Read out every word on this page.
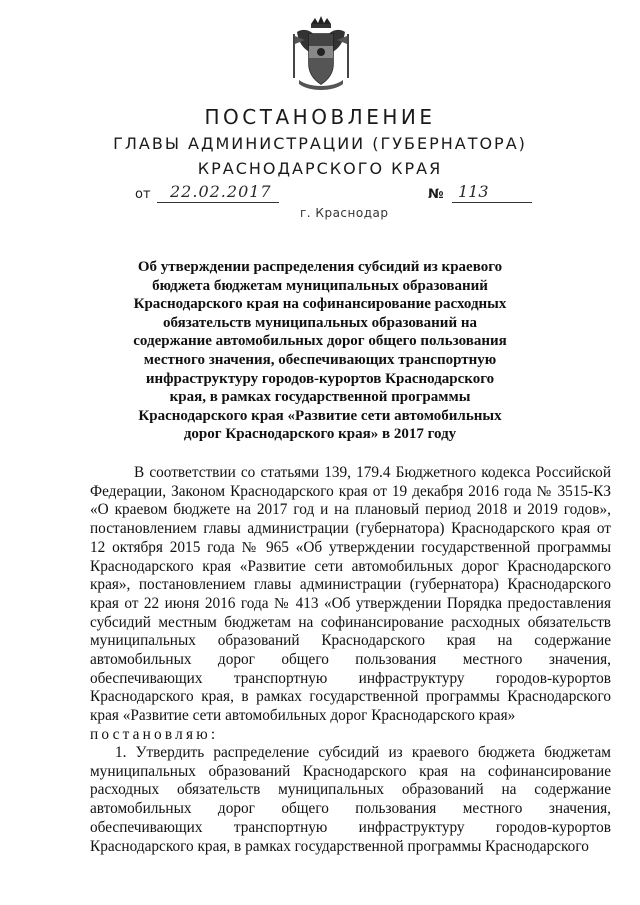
ПОСТАНОВЛЕНИЕ
ГЛАВЫ АДМИНИСТРАЦИИ (ГУБЕРНАТОРА)
КРАСНОДАРСКОГО КРАЯ
от 22.02.2017	№ 113
г. Краснодар

Об утверждении распределения субсидий из краевого бюджета бюджетам муниципальных образований Краснодарского края на софинансирование расходных обязательств муниципальных образований на содержание автомобильных дорог общего пользования местного значения, обеспечивающих транспортную инфраструктуру городов-курортов Краснодарского края, в рамках государственной программы Краснодарского края «Развитие сети автомобильных дорог Краснодарского края» в 2017 году

В соответствии со статьями 139, 179.4 Бюджетного кодекса Российской Федерации, Законом Краснодарского края от 19 декабря 2016 года № 3515-КЗ «О краевом бюджете на 2017 год и на плановый период 2018 и 2019 годов», постановлением главы администрации (губернатора) Краснодарского края от 12 октября 2015 года № 965 «Об утверждении государственной программы Краснодарского края «Развитие сети автомобильных дорог Краснодарского края», постановлением главы администрации (губернатора) Краснодарского края от 22 июня 2016 года № 413 «Об утверждении Порядка предоставления субсидий местным бюджетам на софинансирование расходных обязательств муниципальных образований Краснодарского края на содержание автомобильных дорог общего пользования местного значения, обеспечивающих транспортную инфраструктуру городов-курортов Краснодарского края, в рамках государственной программы Краснодарского края «Развитие сети автомобильных дорог Краснодарского края»
постановляю:

1. Утвердить распределение субсидий из краевого бюджета бюджетам муниципальных образований Краснодарского края на софинансирование расходных обязательств муниципальных образований на содержание автомобильных дорог общего пользования местного значения, обеспечивающих транспортную инфраструктуру городов-курортов Краснодарского края, в рамках государственной программы Краснодарского
